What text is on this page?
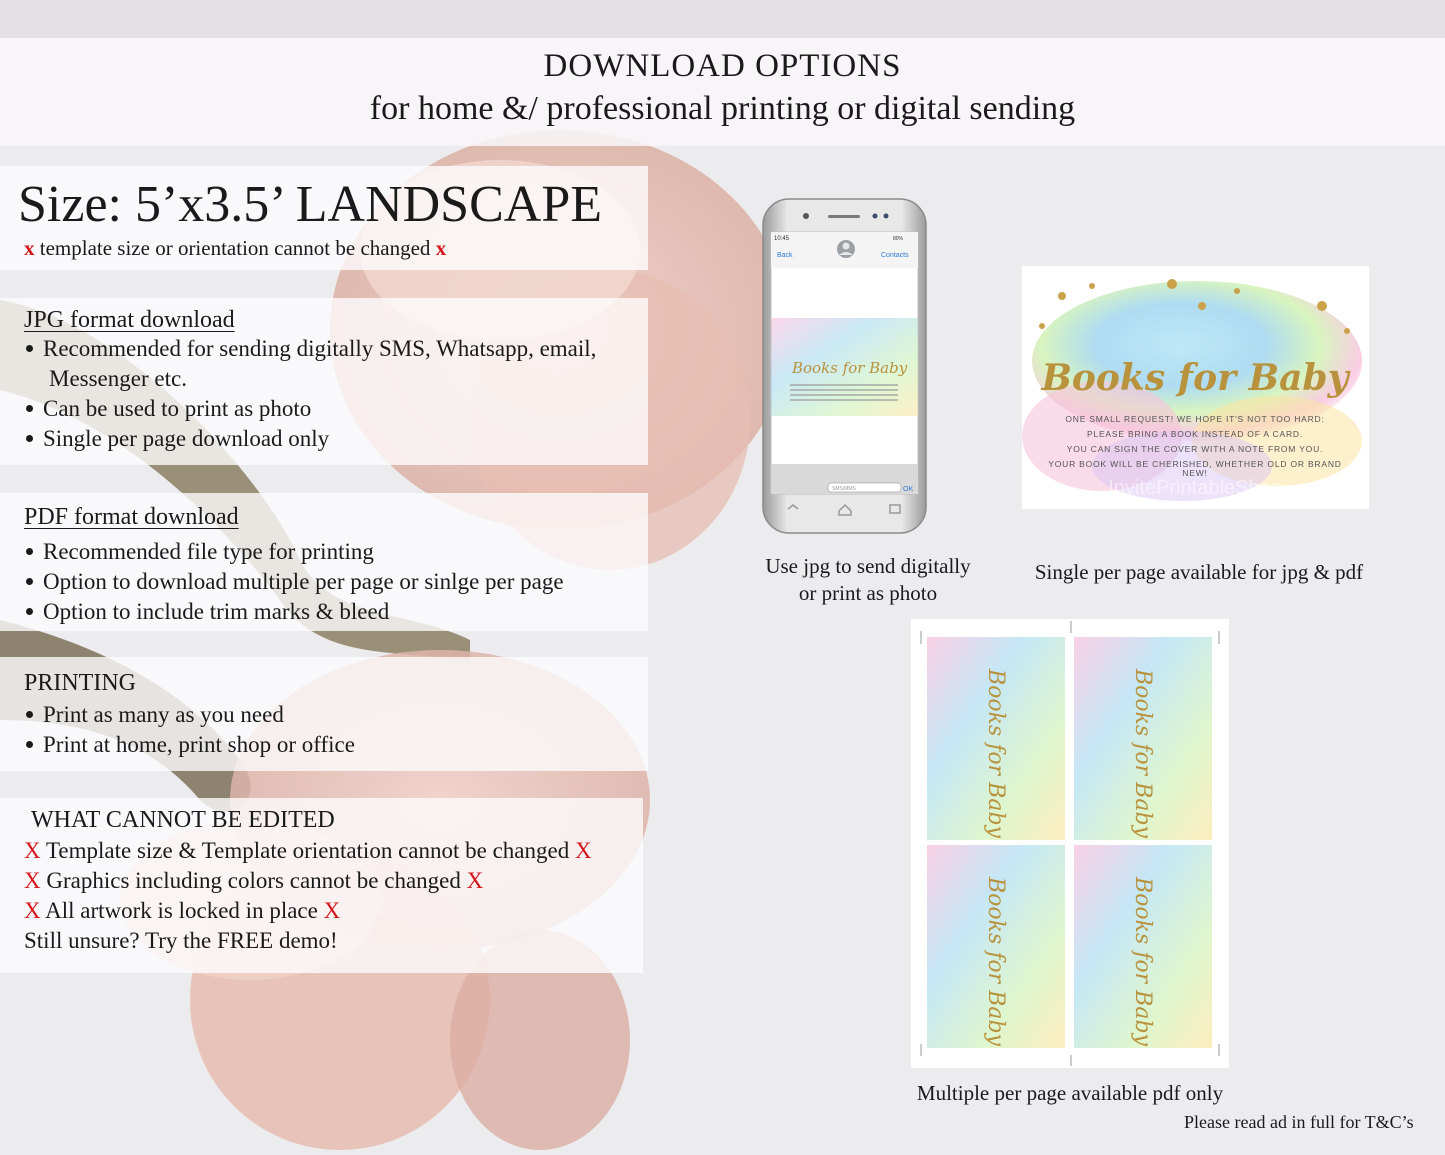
DOWNLOAD OPTIONS
for home &/ professional printing or digital sending
Size: 5’x3.5’ LANDSCAPE
x template size or orientation cannot be changed x
JPG format download
Recommended for sending digitally SMS, Whatsapp, email,
Messenger etc.
Can be used to print as photo
Single per page download only
PDF format download
Recommended file type for printing
Option to download multiple per page or sinlge per page
Option to include trim marks & bleed
PRINTING
Print as many as you need
Print at home, print shop or office
WHAT CANNOT BE EDITED
X Template size & Template orientation cannot be changed X
X Graphics including colors cannot be changed X
X All artwork is locked in place X
Still unsure? Try the FREE demo!
10:45	80%
Back	Contacts
Books for Baby
SMS/MMS	OK
Use jpg to send digitally
or print as photo
Books for Baby
ONE SMALL REQUEST! WE HOPE IT'S NOT TOO HARD:
PLEASE BRING A BOOK INSTEAD OF A CARD.
YOU CAN SIGN THE COVER WITH A NOTE FROM YOU.
YOUR BOOK WILL BE CHERISHED, WHETHER OLD OR BRAND
NEW!
InvitePrintableShop
Single per page available for jpg & pdf
Books for Baby	Books for Baby
Books for Baby	Books for Baby
Multiple per page available pdf only
Please read ad in full for T&C’s
